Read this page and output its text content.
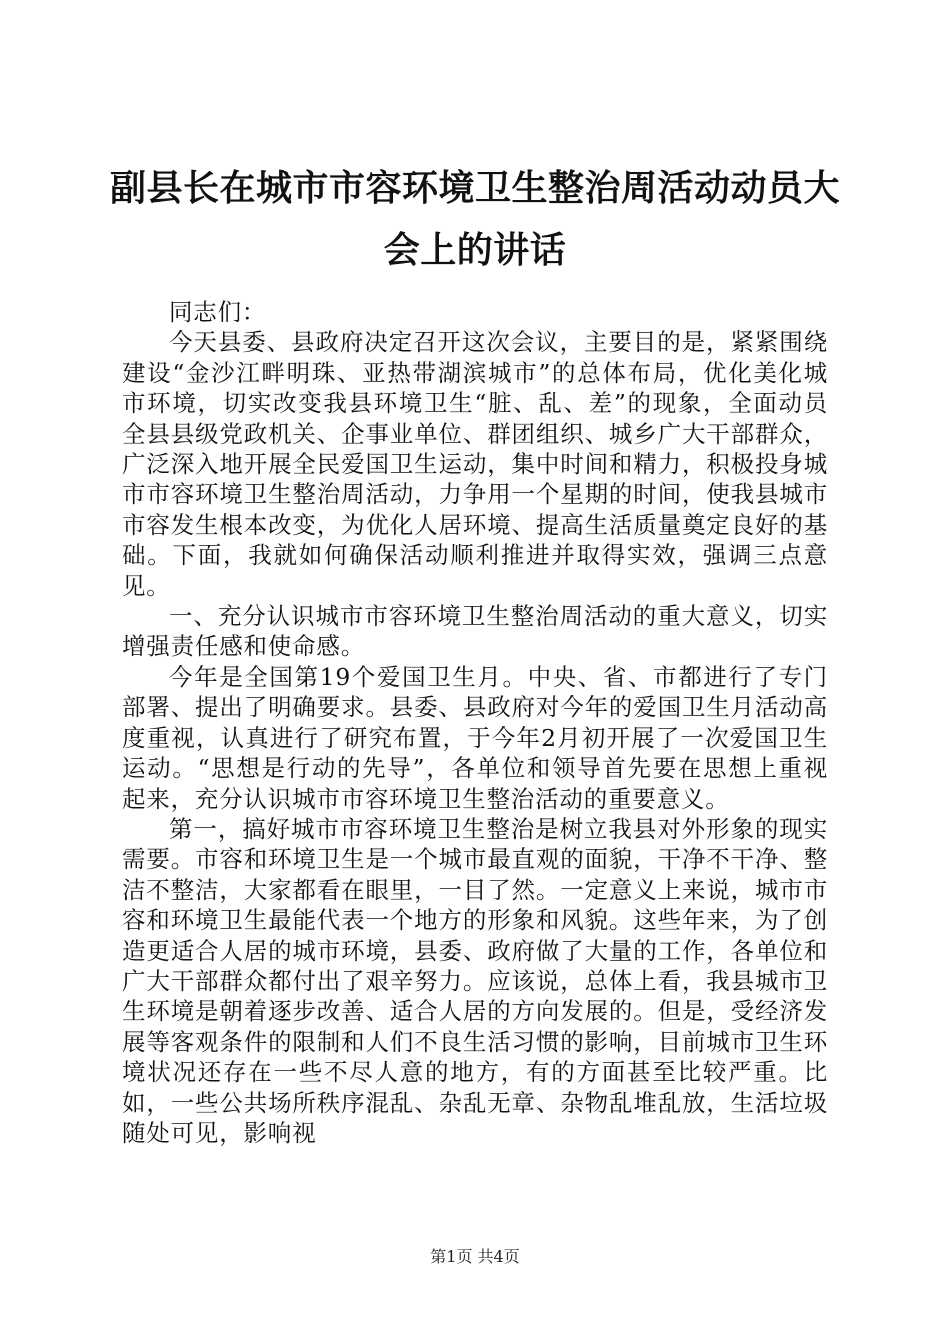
副县长在城市市容环境卫生整治周活动动员大会上的讲话

同志们：

今天县委、县政府决定召开这次会议，主要目的是，紧紧围绕建设“金沙江畔明珠、亚热带湖滨城市”的总体布局，优化美化城市环境，切实改变我县环境卫生“脏、乱、差”的现象，全面动员全县县级党政机关、企事业单位、群团组织、城乡广大干部群众，广泛深入地开展全民爱国卫生运动，集中时间和精力，积极投身城市市容环境卫生整治周活动，力争用一个星期的时间，使我县城市市容发生根本改变，为优化人居环境、提高生活质量奠定良好的基础。下面，我就如何确保活动顺利推进并取得实效，强调三点意见。

一、充分认识城市市容环境卫生整治周活动的重大意义，切实增强责任感和使命感。

今年是全国第19个爱国卫生月。中央、省、市都进行了专门部署、提出了明确要求。县委、县政府对今年的爱国卫生月活动高度重视，认真进行了研究布置，于今年2月初开展了一次爱国卫生运动。“思想是行动的先导”，各单位和领导首先要在思想上重视起来，充分认识城市市容环境卫生整治活动的重要意义。

第一，搞好城市市容环境卫生整治是树立我县对外形象的现实需要。市容和环境卫生是一个城市最直观的面貌，干净不干净、整洁不整洁，大家都看在眼里，一目了然。一定意义上来说，城市市容和环境卫生最能代表一个地方的形象和风貌。这些年来，为了创造更适合人居的城市环境，县委、政府做了大量的工作，各单位和广大干部群众都付出了艰辛努力。应该说，总体上看，我县城市卫生环境是朝着逐步改善、适合人居的方向发展的。但是，受经济发展等客观条件的限制和人们不良生活习惯的影响，目前城市卫生环境状况还存在一些不尽人意的地方，有的方面甚至比较严重。比如，一些公共场所秩序混乱、杂乱无章、杂物乱堆乱放，生活垃圾随处可见，影响视

第1页 共4页
